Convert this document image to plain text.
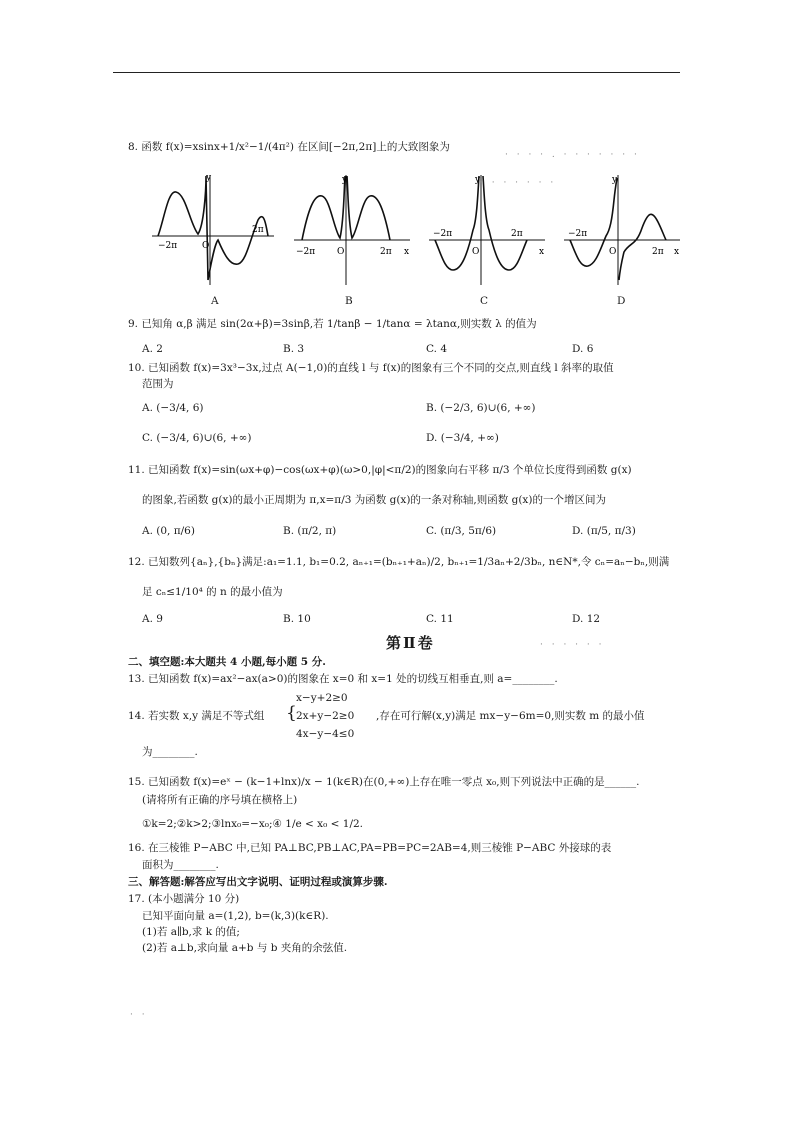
8. 函数 f(x)=xsinx+1/x²−1/(4π²) 在区间[−2π,2π]上的大致图象为
y
−2π
2π
O
A
y
−2π	2π
O	x
B
y
−2π	2π
O	x
C
y
−2π
2π
O	x
D
9. 已知角 α,β 满足 sin(2α+β)=3sinβ,若 1/tanβ − 1/tanα = λtanα,则实数 λ 的值为
A. 2	B. 3	C. 4	D. 6
10. 已知函数 f(x)=3x³−3x,过点 A(−1,0)的直线 l 与 f(x)的图象有三个不同的交点,则直线 l 斜率的取值
范围为
A. (−3/4, 6)	B. (−2/3, 6)∪(6, +∞)
C. (−3/4, 6)∪(6, +∞)	D. (−3/4, +∞)
11. 已知函数 f(x)=sin(ωx+φ)−cos(ωx+φ)(ω>0,|φ|<π/2)的图象向右平移 π/3 个单位长度得到函数 g(x)
的图象,若函数 g(x)的最小正周期为 π,x=π/3 为函数 g(x)的一条对称轴,则函数 g(x)的一个增区间为
A. (0, π/6)	B. (π/2, π)	C. (π/3, 5π/6)	D. (π/5, π/3)
12. 已知数列{aₙ},{bₙ}满足:a₁=1.1, b₁=0.2, aₙ₊₁=(bₙ₊₁+aₙ)/2, bₙ₊₁=1/3aₙ+2/3bₙ, n∈N*,令 cₙ=aₙ−bₙ,则满
足 cₙ≤1/10⁴ 的 n 的最小值为
A. 9	B. 10	C. 11	D. 12
第Ⅱ卷
二、填空题:本大题共 4 小题,每小题 5 分.
13. 已知函数 f(x)=ax²−ax(a>0)的图象在 x=0 和 x=1 处的切线互相垂直,则 a=________.
14. 若实数 x,y 满足不等式组 {
x−y+2≥0
2x+y−2≥0
4x−y−4≤0
,存在可行解(x,y)满足 mx−y−6m=0,则实数 m 的最小值
为________.
15. 已知函数 f(x)=eˣ − (k−1+lnx)/x − 1(k∈R)在(0,+∞)上存在唯一零点 x₀,则下列说法中正确的是______.
(请将所有正确的序号填在横格上)
①k=2;②k>2;③lnx₀=−x₀;④ 1/e < x₀ < 1/2.
16. 在三棱锥 P−ABC 中,已知 PA⊥BC,PB⊥AC,PA=PB=PC=2AB=4,则三棱锥 P−ABC 外接球的表
面积为________.
三、解答题:解答应写出文字说明、证明过程或演算步骤.
17. (本小题满分 10 分)
已知平面向量 a=(1,2), b=(k,3)(k∈R).
(1)若 a∥b,求 k 的值;
(2)若 a⊥b,求向量 a+b 与 b 夹角的余弦值.
· · · · . · · · · · · ·
· · · · · · ·
· · · · · ·
· ·
